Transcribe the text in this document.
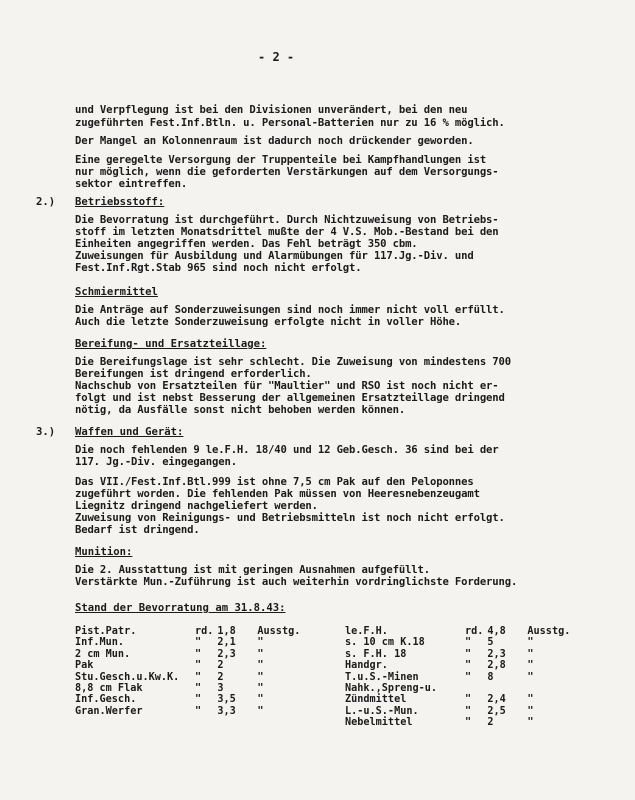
- 2 -
und Verpflegung ist bei den Divisionen unverändert, bei den neu
zugeführten Fest.Inf.Btln. u. Personal-Batterien nur zu 16 % möglich.
Der Mangel an Kolonnenraum ist dadurch noch drückender geworden.
Eine geregelte Versorgung der Truppenteile bei Kampfhandlungen ist
nur möglich, wenn die geforderten Verstärkungen auf dem Versorgungs-
sektor eintreffen.
2.) Betriebsstoff:
Die Bevorratung ist durchgeführt. Durch Nichtzuweisung von Betriebs-
stoff im letzten Monatsdrittel mußte der 4 V.S. Mob.-Bestand bei den
Einheiten angegriffen werden. Das Fehl beträgt 350 cbm.
Zuweisungen für Ausbildung und Alarmübungen für 117.Jg.-Div. und
Fest.Inf.Rgt.Stab 965 sind noch nicht erfolgt.
Schmiermittel
Die Anträge auf Sonderzuweisungen sind noch immer nicht voll erfüllt.
Auch die letzte Sonderzuweisung erfolgte nicht in voller Höhe.
Bereifung- und Ersatzteillage:
Die Bereifungslage ist sehr schlecht. Die Zuweisung von mindestens 700
Bereifungen ist dringend erforderlich.
Nachschub von Ersatzteilen für "Maultier" und RSO ist noch nicht er-
folgt und ist nebst Besserung der allgemeinen Ersatzteillage dringend
nötig, da Ausfälle sonst nicht behoben werden können.
3.) Waffen und Gerät:
Die noch fehlenden 9 le.F.H. 18/40 und 12 Geb.Gesch. 36 sind bei der
117. Jg.-Div. eingegangen.
Das VII./Fest.Inf.Btl.999 ist ohne 7,5 cm Pak auf den Peloponnes
zugeführt worden. Die fehlenden Pak müssen von Heeresnebenzeugamt
Liegnitz dringend nachgeliefert werden.
Zuweisung von Reinigungs- und Betriebsmitteln ist noch nicht erfolgt.
Bedarf ist dringend.
Munition:
Die 2. Ausstattung ist mit geringen Ausnahmen aufgefüllt.
Verstärkte Mun.-Zuführung ist auch weiterhin vordringlichste Forderung.
Stand der Bevorratung am 31.8.43:
Pist.Patr.	rd.	1,8	Ausstg.
Inf.Mun.	"	2,1	"
2 cm Mun.	"	2,3	"
Pak	"	2	"
Stu.Gesch.u.Kw.K.	"	2	"
8,8 cm Flak	"	3	"
Inf.Gesch.	"	3,5	"
Gran.Werfer	"	3,3	"
le.F.H.	rd.	4,8	Ausstg.
s. 10 cm K.18	"	5	"
s. F.H. 18	"	2,3	"
Handgr.	"	2,8	"
T.u.S.-Minen	"	8	"
Nahk.,Spreng-u.			
Zündmittel	"	2,4	"
L.-u.S.-Mun.	"	2,5	"
Nebelmittel	"	2	"
